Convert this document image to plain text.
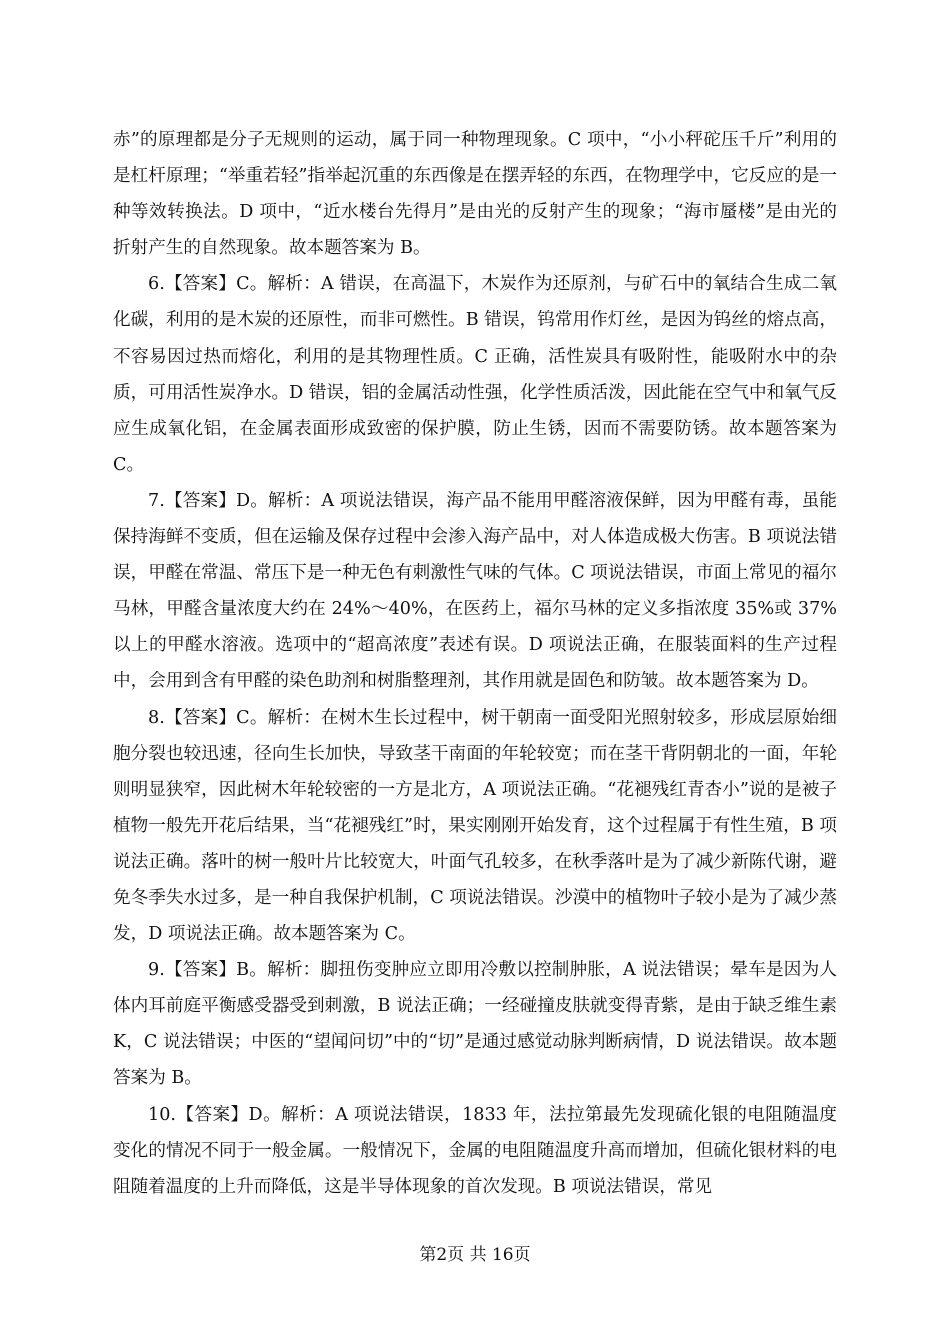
赤”的原理都是分子无规则的运动，属于同一种物理现象。C 项中，“小小秤砣压千斤”利用的是杠杆原理；“举重若轻”指举起沉重的东西像是在摆弄轻的东西，在物理学中，它反应的是一种等效转换法。D 项中，“近水楼台先得月”是由光的反射产生的现象；“海市蜃楼”是由光的折射产生的自然现象。故本题答案为 B。

6.【答案】C。解析：A 错误，在高温下，木炭作为还原剂，与矿石中的氧结合生成二氧化碳，利用的是木炭的还原性，而非可燃性。B 错误，钨常用作灯丝，是因为钨丝的熔点高，不容易因过热而熔化，利用的是其物理性质。C 正确，活性炭具有吸附性，能吸附水中的杂质，可用活性炭净水。D 错误，铝的金属活动性强，化学性质活泼，因此能在空气中和氧气反应生成氧化铝，在金属表面形成致密的保护膜，防止生锈，因而不需要防锈。故本题答案为 C。

7.【答案】D。解析：A 项说法错误，海产品不能用甲醛溶液保鲜，因为甲醛有毒，虽能保持海鲜不变质，但在运输及保存过程中会渗入海产品中，对人体造成极大伤害。B 项说法错误，甲醛在常温、常压下是一种无色有刺激性气味的气体。C 项说法错误，市面上常见的福尔马林，甲醛含量浓度大约在 24%～40%，在医药上，福尔马林的定义多指浓度 35%或 37%以上的甲醛水溶液。选项中的“超高浓度”表述有误。D 项说法正确，在服装面料的生产过程中，会用到含有甲醛的染色助剂和树脂整理剂，其作用就是固色和防皱。故本题答案为 D。

8.【答案】C。解析：在树木生长过程中，树干朝南一面受阳光照射较多，形成层原始细胞分裂也较迅速，径向生长加快，导致茎干南面的年轮较宽；而在茎干背阴朝北的一面，年轮则明显狭窄，因此树木年轮较密的一方是北方，A 项说法正确。“花褪残红青杏小”说的是被子植物一般先开花后结果，当“花褪残红”时，果实刚刚开始发育，这个过程属于有性生殖，B 项说法正确。落叶的树一般叶片比较宽大，叶面气孔较多，在秋季落叶是为了减少新陈代谢，避免冬季失水过多，是一种自我保护机制，C 项说法错误。沙漠中的植物叶子较小是为了减少蒸发，D 项说法正确。故本题答案为 C。

9.【答案】B。解析：脚扭伤变肿应立即用冷敷以控制肿胀，A 说法错误；晕车是因为人体内耳前庭平衡感受器受到刺激，B 说法正确；一经碰撞皮肤就变得青紫，是由于缺乏维生素 K，C 说法错误；中医的“望闻问切”中的“切”是通过感觉动脉判断病情，D 说法错误。故本题答案为 B。

10.【答案】D。解析：A 项说法错误，1833 年，法拉第最先发现硫化银的电阻随温度变化的情况不同于一般金属。一般情况下，金属的电阻随温度升高而增加，但硫化银材料的电阻随着温度的上升而降低，这是半导体现象的首次发现。B 项说法错误，常见

第2页 共 16页
